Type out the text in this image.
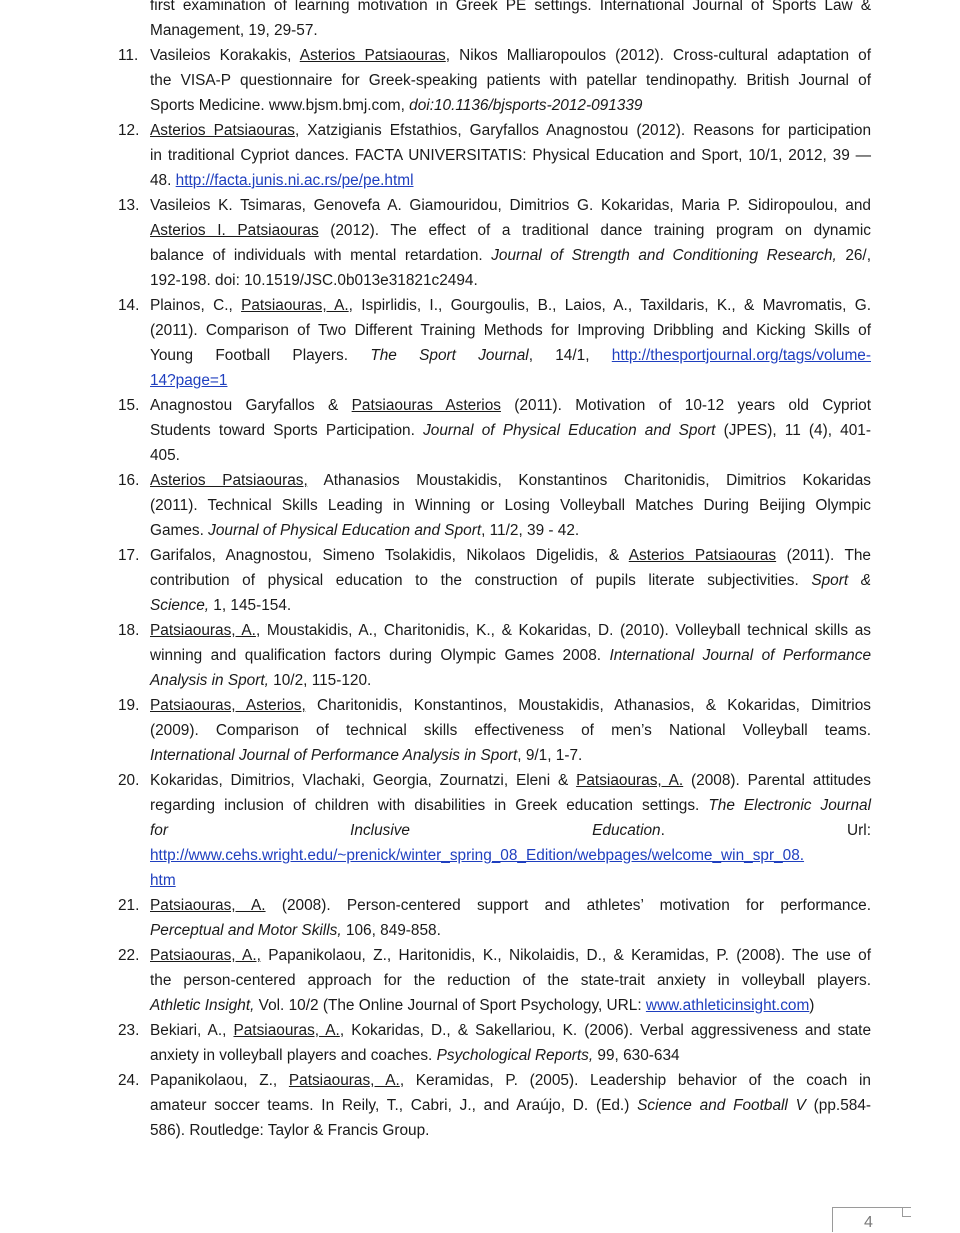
first examination of learning motivation in Greek PE settings. International Journal of Sports Law &
Management, 19, 29-57.
11. Vasileios Korakakis, Asterios Patsiaouras, Nikos Malliaropoulos (2012). Cross-cultural adaptation of
the VISA-P questionnaire for Greek-speaking patients with patellar tendinopathy. British Journal of
Sports Medicine. www.bjsm.bmj.com, doi:10.1136/bjsports-2012-091339
12. Asterios Patsiaouras, Xatzigianis Efstathios, Garyfallos Anagnostou (2012). Reasons for participation
in traditional Cypriot dances. FACTA UNIVERSITATIS: Physical Education and Sport, 10/1, 2012, 39 —
48. http://facta.junis.ni.ac.rs/pe/pe.html
13. Vasileios K. Tsimaras, Genovefa A. Giamouridou, Dimitrios G. Kokaridas, Maria P. Sidiropoulou, and
Asterios I. Patsiaouras (2012). The effect of a traditional dance training program on dynamic
balance of individuals with mental retardation. Journal of Strength and Conditioning Research, 26/,
192-198. doi: 10.1519/JSC.0b013e31821c2494.
14. Plainos, C., Patsiaouras, A., Ispirlidis, I., Gourgoulis, B., Laios, A., Taxildaris, K., & Mavromatis, G.
(2011). Comparison of Two Different Training Methods for Improving Dribbling and Kicking Skills of
Young Football Players. The Sport Journal, 14/1, http://thesportjournal.org/tags/volume-
14?page=1
15. Anagnostou Garyfallos & Patsiaouras Asterios (2011). Motivation of 10-12 years old Cypriot
Students toward Sports Participation. Journal of Physical Education and Sport (JPES), 11 (4), 401-
405.
16. Asterios Patsiaouras, Athanasios Moustakidis, Konstantinos Charitonidis, Dimitrios Kokaridas
(2011). Technical Skills Leading in Winning or Losing Volleyball Matches During Beijing Olympic
Games. Journal of Physical Education and Sport, 11/2, 39 - 42.
17. Garifalos, Anagnostou, Simeno Tsolakidis, Nikolaos Digelidis, & Asterios Patsiaouras (2011). The
contribution of physical education to the construction of pupils literate subjectivities. Sport &
Science, 1, 145-154.
18. Patsiaouras, A., Moustakidis, A., Charitonidis, K., & Kokaridas, D. (2010). Volleyball technical skills as
winning and qualification factors during Olympic Games 2008. International Journal of Performance
Analysis in Sport, 10/2, 115-120.
19. Patsiaouras, Asterios, Charitonidis, Konstantinos, Moustakidis, Athanasios, & Kokaridas, Dimitrios
(2009). Comparison of technical skills effectiveness of men’s National Volleyball teams.
International Journal of Performance Analysis in Sport, 9/1, 1-7.
20. Kokaridas, Dimitrios, Vlachaki, Georgia, Zournatzi, Eleni & Patsiaouras, A. (2008). Parental attitudes
regarding inclusion of children with disabilities in Greek education settings. The Electronic Journal
for Inclusive Education. Url:
http://www.cehs.wright.edu/~prenick/winter_spring_08_Edition/webpages/welcome_win_spr_08.
htm
21. Patsiaouras, A. (2008). Person-centered support and athletes’ motivation for performance.
Perceptual and Motor Skills, 106, 849-858.
22. Patsiaouras, A., Papanikolaou, Z., Haritonidis, K., Nikolaidis, D., & Keramidas, P. (2008). The use of
the person-centered approach for the reduction of the state-trait anxiety in volleyball players.
Athletic Insight, Vol. 10/2 (The Online Journal of Sport Psychology, URL: www.athleticinsight.com)
23. Bekiari, A., Patsiaouras, A., Kokaridas, D., & Sakellariou, K. (2006). Verbal aggressiveness and state
anxiety in volleyball players and coaches. Psychological Reports, 99, 630-634
24. Papanikolaou, Z., Patsiaouras, A., Keramidas, P. (2005). Leadership behavior of the coach in
amateur soccer teams. In Reily, T., Cabri, J., and Araújo, D. (Ed.) Science and Football V (pp.584-
586). Routledge: Taylor & Francis Group.
4
